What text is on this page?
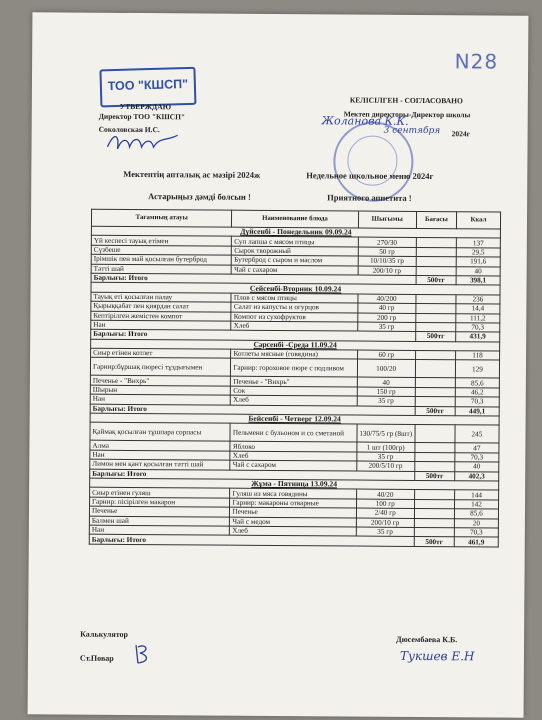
N28
ТОО "КШСП"
УТВЕРЖДАЮ
Директор ТОО "КШСП"
Соколовская И.С.
КЕЛІСІЛГЕН - СОГЛАСОВАНО
Мектеп директоры-Директор школы
Жоланова К.К.
3 сентября 2024г
Мектептің апталық ас мәзірі 2024ж	Недельное школьное меню 2024г
Астарыңыз дәмді болсын !	Приятного аппетита !
Тағамның атауы	Наименование блюда	Шығымы	Бағасы	Ккал
Дүйсенбі - Понедельник 09.09.24				
Үй кеспесі тауық етімен	Суп лапша с мясом птицы	270/30		137
Сүзбеше	Сырок творожный	50 гр		29,5
Ірімшік пен май қосылған бутерброд	Бутерброд с сыром и маслом	10/10/35 гр		191,6
Тәтті шай	Чай с сахаром	200/10 гр		40
Барлығы: Итого			500тг	398,1
Сейсенбі-Вторник 10.09.24				
Тауық еті қосылған палау	Плов с мясом птицы	40/200		236
Қырыққабат пен қияр​дан салат	Салат из капусты и огурцов	40 гр		14,4
Кептірілген жемістен компот	Компот из сухофруктов	200 гр		111,2
Нан	Хлеб	35 гр		70,3
Барлығы: Итого			500тг	431,9
Сәрсенбі -Среда 11.09.24				
Сиыр етінен котлет	Котлеты мясные (говядина)	60 гр		118
Гарнир:бұршақ пюресі тұздығымен	Гарнир: гороховое пюре с подливом	100/20		129
Печенье - "Вихрь"	Печенье - "Вихрь"	40		85,6
Шырын	Сок	150 гр		46,2
Нан	Хлеб	35 гр		70,3
Барлығы: Итого			500тг	449,1
Бейсенбі - Четверг 12.09.24				
Қаймақ қосылған тұшпара сорпасы	Пельмени с бульоном и со сметаной	130/75/5 гр (8шт)		245
Алма	Яблоко	1 шт (100гр)		47
Нан	Хлеб	35 гр		70,3
Лимон мен қант қосылған тәтті шай	Чай с сахаром	200/5/10 гр		40
Барлығы: Итого			500тг	402,3
Жұма - Пятница 13.09.24				
Сиыр етінен гуляш	Гуляш из мяса говядины	40/20		144
Гарнир: пісірілген макарон	Гарнир: макароны отварные	100 гр		142
Печенье	Печенье	2/40 гр		85,6
Балмен шай	Чай с медом	200/10 гр		20
Нан	Хлеб	35 гр		70,3
Барлығы: Итого			500тг	461,9
Калькулятор
Ст.Повар
Дюсембаева К.Б.
Тукшев Е.Н
